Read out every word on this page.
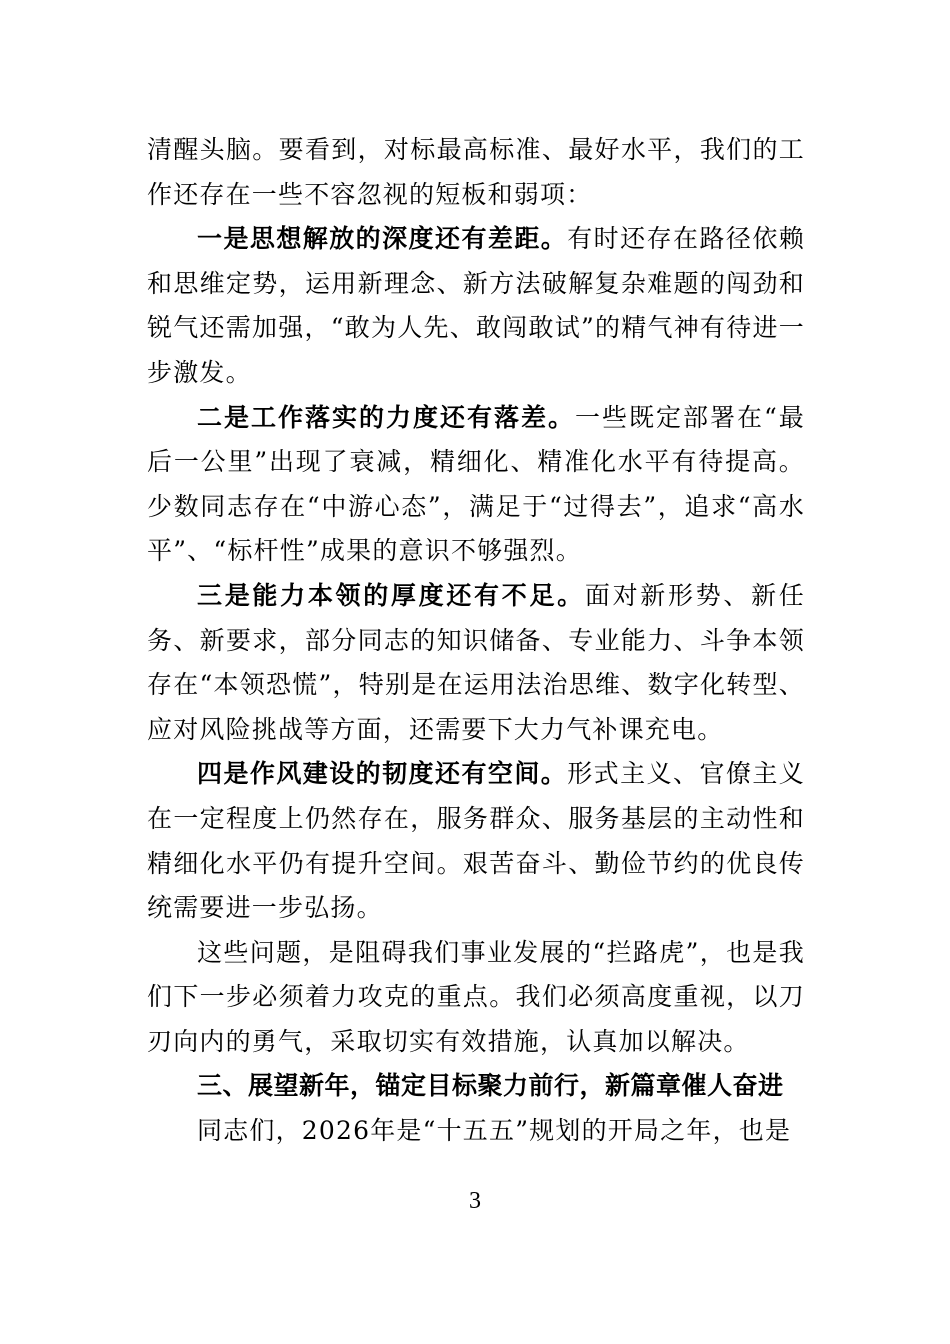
清醒头脑。要看到，对标最高标准、最好水平，我们的工作还存在一些不容忽视的短板和弱项：

一是思想解放的深度还有差距。有时还存在路径依赖和思维定势，运用新理念、新方法破解复杂难题的闯劲和锐气还需加强，“敢为人先、敢闯敢试”的精气神有待进一步激发。

二是工作落实的力度还有落差。一些既定部署在“最后一公里”出现了衰减，精细化、精准化水平有待提高。少数同志存在“中游心态”，满足于“过得去”，追求“高水平”、“标杆性”成果的意识不够强烈。

三是能力本领的厚度还有不足。面对新形势、新任务、新要求，部分同志的知识储备、专业能力、斗争本领存在“本领恐慌”，特别是在运用法治思维、数字化转型、应对风险挑战等方面，还需要下大力气补课充电。

四是作风建设的韧度还有空间。形式主义、官僚主义在一定程度上仍然存在，服务群众、服务基层的主动性和精细化水平仍有提升空间。艰苦奋斗、勤俭节约的优良传统需要进一步弘扬。

这些问题，是阻碍我们事业发展的“拦路虎”，也是我们下一步必须着力攻克的重点。我们必须高度重视，以刀刃向内的勇气，采取切实有效措施，认真加以解决。

三、展望新年，锚定目标聚力前行，新篇章催人奋进

同志们，2026年是“十五五”规划的开局之年，也是

3
